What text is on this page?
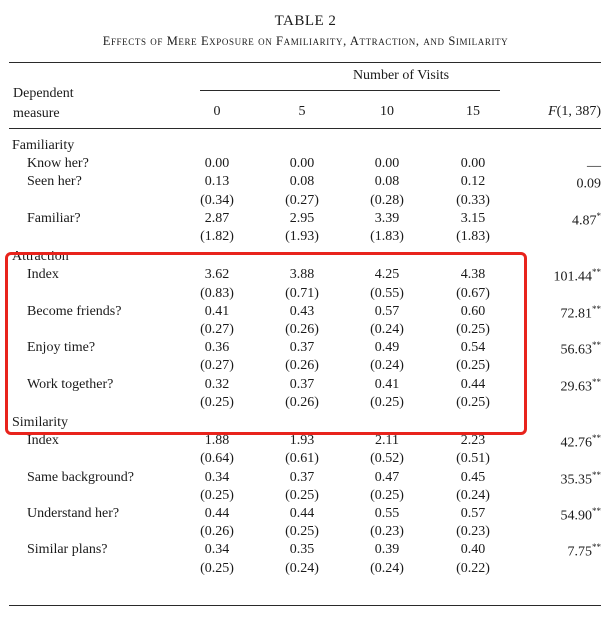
TABLE 2
Effects of Mere Exposure on Familiarity, Attraction, and Similarity
Number of Visits
Dependent
measure	0	5	10	15	F(1, 387)
Familiarity
Know her?	0.00	0.00	0.00	0.00	—
Seen her?	0.13	0.08	0.08	0.12	0.09
(0.34)	(0.27)	(0.28)	(0.33)
Familiar?	2.87	2.95	3.39	3.15	4.87*
(1.82)	(1.93)	(1.83)	(1.83)
Attraction
Index	3.62	3.88	4.25	4.38	101.44**
(0.83)	(0.71)	(0.55)	(0.67)
Become friends?	0.41	0.43	0.57	0.60	72.81**
(0.27)	(0.26)	(0.24)	(0.25)
Enjoy time?	0.36	0.37	0.49	0.54	56.63**
(0.27)	(0.26)	(0.24)	(0.25)
Work together?	0.32	0.37	0.41	0.44	29.63**
(0.25)	(0.26)	(0.25)	(0.25)
Similarity
Index	1.88	1.93	2.11	2.23	42.76**
(0.64)	(0.61)	(0.52)	(0.51)
Same background?	0.34	0.37	0.47	0.45	35.35**
(0.25)	(0.25)	(0.25)	(0.24)
Understand her?	0.44	0.44	0.55	0.57	54.90**
(0.26)	(0.25)	(0.23)	(0.23)
Similar plans?	0.34	0.35	0.39	0.40	7.75**
(0.25)	(0.24)	(0.24)	(0.22)
